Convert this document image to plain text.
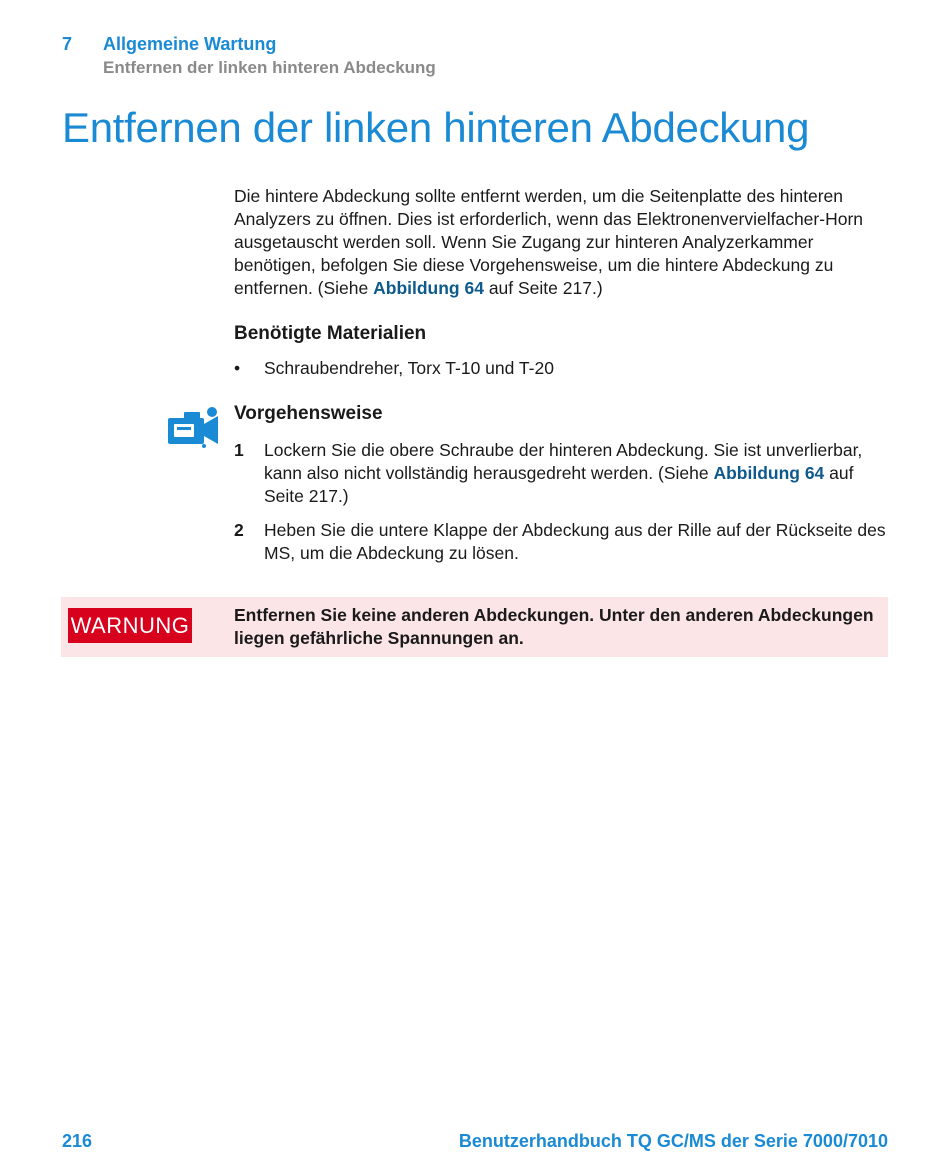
7 Allgemeine Wartung
Entfernen der linken hinteren Abdeckung
Entfernen der linken hinteren Abdeckung

Die hintere Abdeckung sollte entfernt werden, um die Seitenplatte des hinteren Analyzers zu öffnen. Dies ist erforderlich, wenn das Elektronenvervielfacher-Horn ausgetauscht werden soll. Wenn Sie Zugang zur hinteren Analyzerkammer benötigen, befolgen Sie diese Vorgehensweise, um die hintere Abdeckung zu entfernen. (Siehe Abbildung 64 auf Seite 217.)

Benötigte Materialien
• Schraubendreher, Torx T-10 und T-20
Vorgehensweise
1 Lockern Sie die obere Schraube der hinteren Abdeckung. Sie ist unverlierbar, kann also nicht vollständig herausgedreht werden. (Siehe Abbildung 64 auf Seite 217.)
2 Heben Sie die untere Klappe der Abdeckung aus der Rille auf der Rückseite des MS, um die Abdeckung zu lösen.
WARNUNG	Entfernen Sie keine anderen Abdeckungen. Unter den anderen Abdeckungen liegen gefährliche Spannungen an.

216	Benutzerhandbuch TQ GC/MS der Serie 7000/7010
